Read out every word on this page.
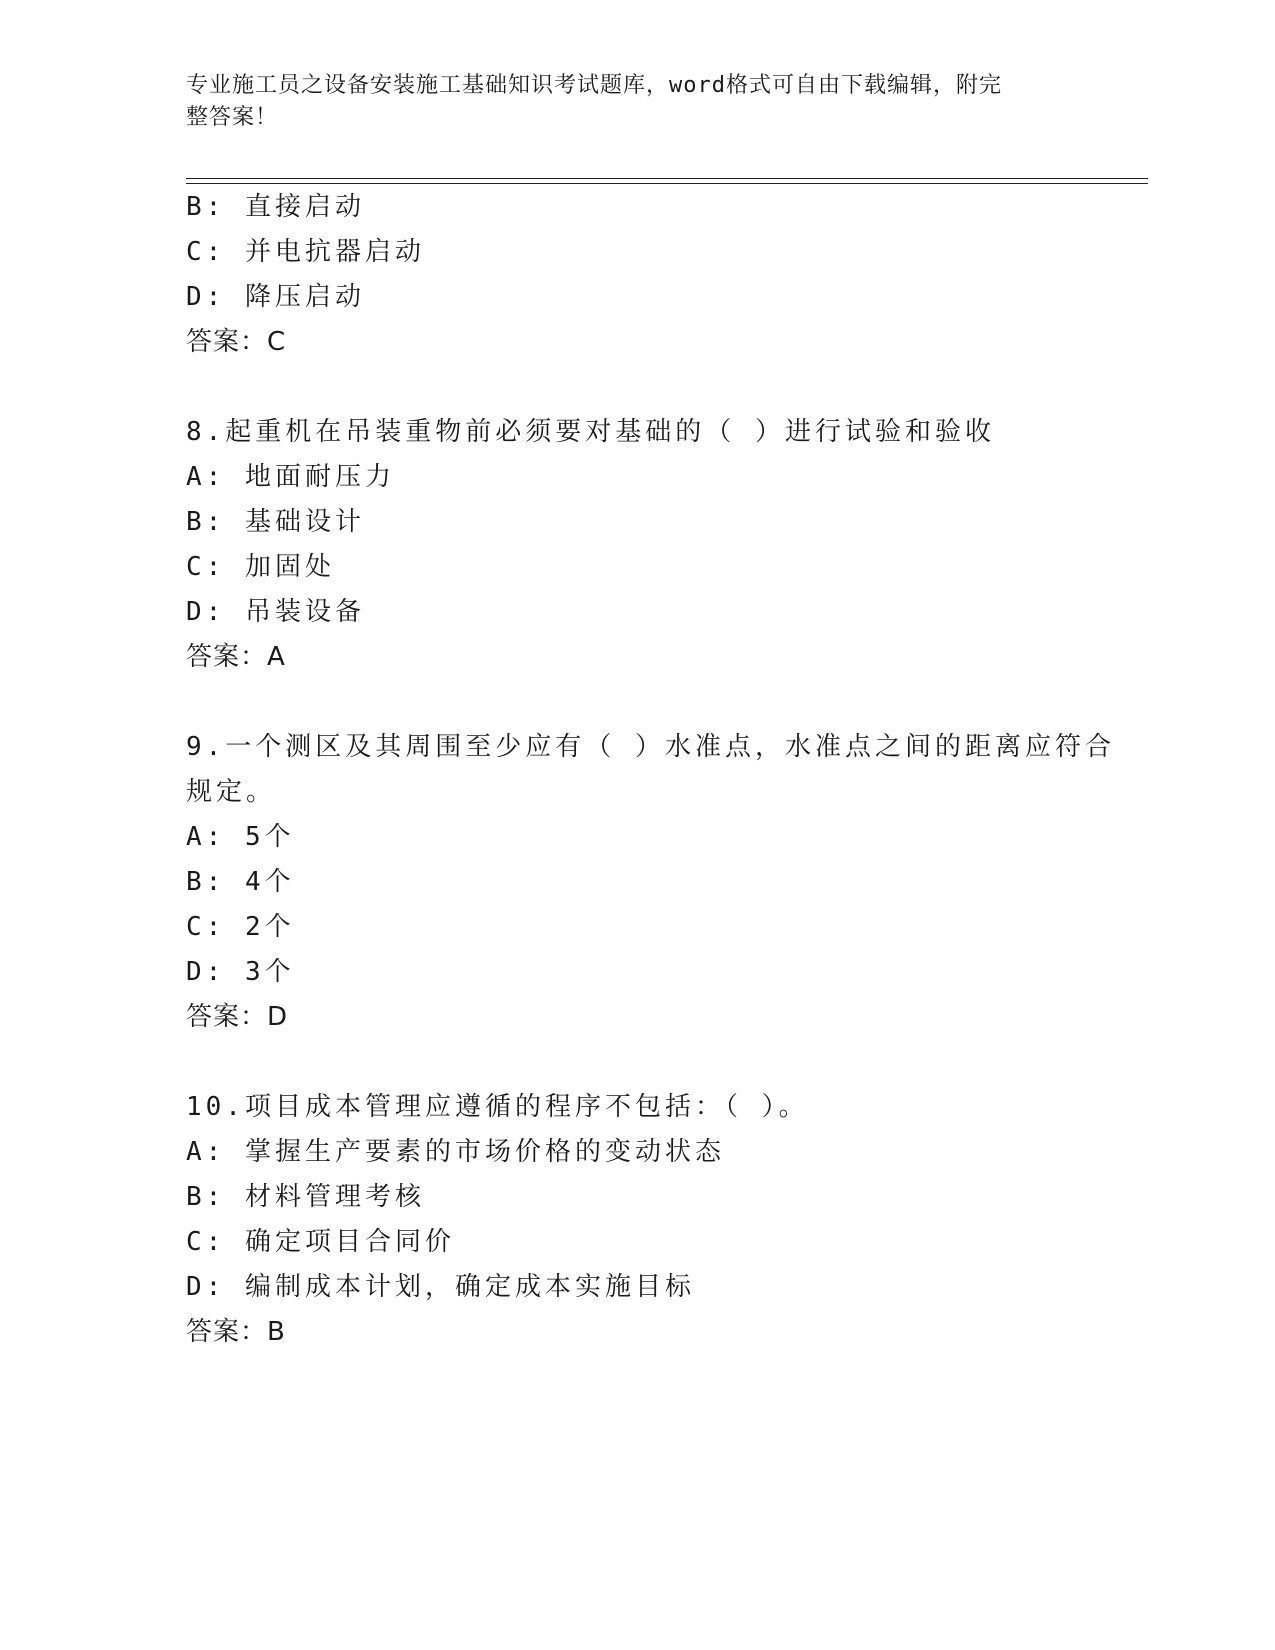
专业施工员之设备安装施工基础知识考试题库，word格式可自由下载编辑，附完
整答案！
B: 直接启动
C: 并电抗器启动
D: 降压启动
答案：C
8.起重机在吊装重物前必须要对基础的（ ）进行试验和验收
A: 地面耐压力
B: 基础设计
C: 加固处
D: 吊装设备
答案：A
9.一个测区及其周围至少应有（ ）水准点，水准点之间的距离应符合
规定。
A: 5个
B: 4个
C: 2个
D: 3个
答案：D
10.项目成本管理应遵循的程序不包括：（ ）。
A: 掌握生产要素的市场价格的变动状态
B: 材料管理考核
C: 确定项目合同价
D: 编制成本计划，确定成本实施目标
答案：B
